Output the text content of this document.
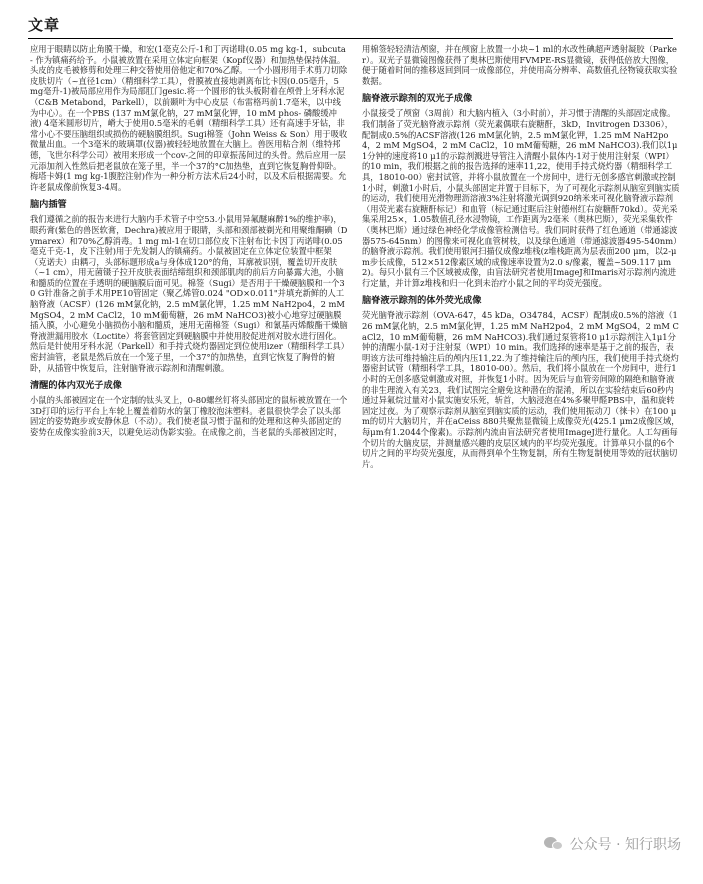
文章

应用于眼睛以防止角膜干燥，和宏(1毫克公斤-1和丁丙诺啡(0.05 mg kg-1，subcuta- 作为镇痛药给予。小鼠被放置在采用立体定向框架（Kopf仪器）和加热垫保持体温。头皮的皮毛被修剪和处理三种交替使用倍他定和70%乙醇。一个小圆形用手术剪刀切除皮肤切片（~直径1cm）（精细科学工具），骨膜被直接地剥离布比卡因(0.05毫升，5 mg毫升-1)被局部应用作为局部肛门gesic.将一个圆形的钛头板附着在颅骨上牙科水泥（C&B Metabond，Parkell），以前颞叶为中心皮层（布雷格玛前1.7毫米，以中线为中心）。在一个PBS (137 mM氯化钠，27 mM氯化钾，10 mM phos- 磷酸缓冲液) 4毫米圆形切片，嵴大于使用0.5毫米的毛刺（精细科学工具）还有高速手牙钻，非常小心不要压脑组织或损伤的硬脑膜组织。Sugi棉签（John Weiss & Son）用于吸收微量出血。一个3毫米的玻璃罩(仪器)被轻轻地放置在大脑上。兽医用粘合剂（维特邦德，飞世尔科学公司）被用来形成一个cov-之间的印章振荡间过的头骨。然后应用一层元添加剂入性然后把老鼠放在笼子里，半一个37的°C加热垫，直到它恢复胸骨仰卧。梅塔卡姆(1 mg kg-1腹腔注射)作为一种分析方法术后24小时，以及术后根据需要。允许老鼠成像前恢复3-4周。

脑内插管

我们遵循之前的报告来进行大脑内手术管子中空53.小鼠用异氟醚麻醉1%的维护率)，眼药膏(紫色的兽医软膏，Dechra)被应用于眼睛，头部和颈部被剃光和用聚维酮碘（Dymarex）和70%乙醇消毒。1 mg ml-1在切口部位皮下注射布比卡因丁丙诺啡(0.05毫克千克-1，皮下注射)用于先发制人的镇痛药。小鼠被固定在立体定位装置中框架（克诺夫）由耦刁，头部标题形成a与身体成120°的角，耳廓被识别，覆盖切开皮肤（~1 cm），用无菌镊子拉开皮肤表面结缔组织和颈部肌肉的前后方向暴露大池，小脑和髓质的位置在手透明的硬脑膜后面可见。棉签（Sugi）是否用于干燥硬脑膜和一个30 G针准备之前手术用PE10管固定（聚乙烯管0.024 "OD×0.011"并填充新鲜的人工脑脊液（ACSF）(126 mM氯化钠，2.5 mM氯化钾，1.25 mM NaH2po4，2 mM MgSO4，2 mM CaCl2，10 mM葡萄糖，26 mM NaHCO3)被小心地穿过硬脑膜插入膜，小心避免小脑损伤小脑和髓质，速用无菌棉签（Sugi）和氰基丙烯酸酯干燥脑脊液泄漏用胶水（Loctite）将套管固定到硬脑膜中并使用胶促进剂对胶水进行固化。然后是针使用牙科水泥（Parkell）和手持式烧灼器固定到位使用izer（精细科学工具）密封油管，老鼠是然后放在一个笼子里，一个37°的加热垫，直到它恢复了胸骨的俯卧，从插管中恢复后，注射脑脊液示踪剂和清醒刺激。

清醒的体内双光子成像

小鼠的头部被固定在一个定制的钛头叉上，0-80螺丝钉将头部固定的鼠标被放置在一个3D打印的运行平台上车轮上覆盖着防水的氯丁橡胶泡沫塑料。老鼠很快学会了以头部固定的姿势跑步或安静休息（不动）。我们使老鼠习惯于温和的处理和这种头部固定的姿势在成像实验前3天，以避免运动伪影实验。在成像之前，当老鼠的头部被固定时，

用棉签轻轻清洁颅窗，并在颅窗上放置一小块~1 ml的水改性碘超声透射凝胶（Parker）。双光子显微镜图像获得了奥林巴斯使用FVMPE-RS显微镜，获得低倍放大图像，便于随着时间的推移返回到同一成像部位，并使用高分辨率、高数值孔径物镜获取实验数据。

脑脊液示踪剂的双光子成像

小鼠接受了颅窗（3周前）和大脑内植入（3小时前），并习惯于清醒的头部固定成像。我们制备了荧光脑脊液示踪剂（荧光素偶联右旋糖酐，3kD，Invitrogen D3306），配制成0.5%的ACSF溶液(126 mM氯化钠，2.5 mM氯化钾，1.25 mM NaH2po4，2 mM MgSO4，2 mM CaCl2，10 mM葡萄糖，26 mM NaHCO3).我们以1μ1分钟的速度将10 μ1的示踪剂溅进导管注入清醒小鼠体内-1对于使用注射泵（WPI）的10 min，我们根据之前的报告选择的速率11,22，使用手持式烧灼器（精细科学工具，18010-00）密封试管，并将小鼠放置在一个房间中，进行无创多感官刺激或控制1小时，刺激1小时后，小鼠头部固定并置于目标下，为了可视化示踪剂从脑室到脑实质的运动，我们使用光滑物理沥溶液3%注射将激光调到920纳米来可视化脑脊液示踪剂（用荧光素右旋糖酐标记）和血管（标记通过眶后注射德州红右旋糖酐70kd）。荧光采集采用25×，1.05数值孔径水浸物镜，工作距离为2毫米（奥林巴斯），荧光采集软件（奥林巴斯）通过绿色神经化学成像管检测信号。我们同时获得了红色通道（带通滤波器575-645nm）的图像来可视化血管树枝，以及绿色通道（带通滤波器495-540nm）的脑脊液示踪剂。我们使用银河扫描仪成像z堆栈(z堆栈距离为层表面200 μm，以2-μm步长成像，512×512像素区域的成像速率设置为2.0 s/像素，覆盖~509.117 μm2)。每只小鼠有三个区域被成像，由盲法研究者使用ImageJ和Imaris对示踪剂内流进行定量，并计算z堆栈和归一化到未治疗小鼠之间的平均荧光强度。

脑脊液示踪剂的体外荧光成像

荧光脑脊液示踪剂（OVA-647，45 kDa，O34784，ACSF）配制成0.5%的溶液（126 mM氯化钠，2.5 mM氯化钾，1.25 mM NaH2po4，2 mM MgSO4，2 mM CaCl2，10 mM葡萄糖，26 mM NaHCO3).我们通过泵管将10 μ1示踪剂注入1μ1分钟的清醒小鼠-1对于注射泵（WPI）10 min。我们选择的速率是基于之前的报告，表明该方法可维持输注后的颅内压11,22.为了维持输注后的颅内压，我们使用手持式烧灼器密封试管（精细科学工具，18010-00）。然后，我们将小鼠放在一个房间中，进行1小时的无创多感觉刺激或对照，并恢复1小时。因为死后与血管旁间隙的隔绝和脑脊液的非生理流入有关23，我们试图完全避免这种潜在的混淆，所以在实验结束后60秒内通过异氟烷过量对小鼠实施安乐死，斩首，大脑浸泡在4%多聚甲醛PBS中，温和旋转固定过夜。为了观察示踪剂从脑室到脑实质的运动，我们使用振动刀（徕卡）在100 μm的切片大脑切片，并在aCeiss 880共聚焦显微镜上成像荧光(425.1 μm2成像区域，每μm有1.2044个像素)。示踪剂内流由盲法研究者使用ImageJ进行量化。人工勾画每个切片的大脑皮层，并测量感兴趣的皮层区域内的平均荧光强度。计算单只小鼠的6个切片之间的平均荧光强度，从而得到单个生物复制，所有生物复制使用等效的冠状脑切片。

公众号 · 知行职场
